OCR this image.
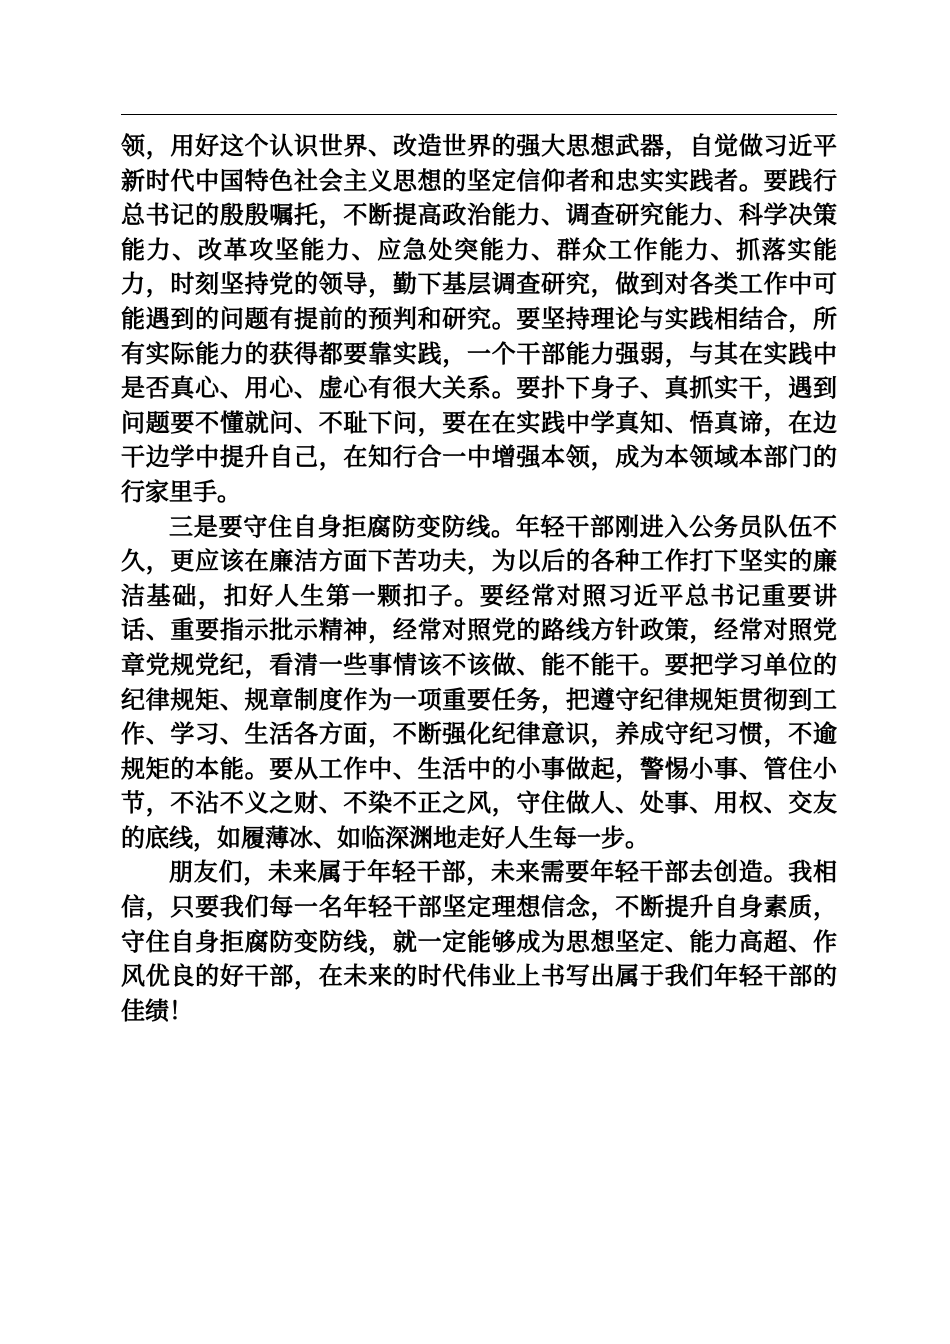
领，用好这个认识世界、改造世界的强大思想武器，自觉做习近平新时代中国特色社会主义思想的坚定信仰者和忠实实践者。要践行总书记的殷殷嘱托，不断提高政治能力、调查研究能力、科学决策能力、改革攻坚能力、应急处突能力、群众工作能力、抓落实能力，时刻坚持党的领导，勤下基层调查研究，做到对各类工作中可能遇到的问题有提前的预判和研究。要坚持理论与实践相结合，所有实际能力的获得都要靠实践，一个干部能力强弱，与其在实践中是否真心、用心、虚心有很大关系。要扑下身子、真抓实干，遇到问题要不懂就问、不耻下问，要在在实践中学真知、悟真谛，在边干边学中提升自己，在知行合一中增强本领，成为本领域本部门的行家里手。

三是要守住自身拒腐防变防线。年轻干部刚进入公务员队伍不久，更应该在廉洁方面下苦功夫，为以后的各种工作打下坚实的廉洁基础，扣好人生第一颗扣子。要经常对照习近平总书记重要讲话、重要指示批示精神，经常对照党的路线方针政策，经常对照党章党规党纪，看清一些事情该不该做、能不能干。要把学习单位的纪律规矩、规章制度作为一项重要任务，把遵守纪律规矩贯彻到工作、学习、生活各方面，不断强化纪律意识，养成守纪习惯，不逾规矩的本能。要从工作中、生活中的小事做起，警惕小事、管住小节，不沾不义之财、不染不正之风，守住做人、处事、用权、交友的底线，如履薄冰、如临深渊地走好人生每一步。

朋友们，未来属于年轻干部，未来需要年轻干部去创造。我相信，只要我们每一名年轻干部坚定理想信念，不断提升自身素质，守住自身拒腐防变防线，就一定能够成为思想坚定、能力高超、作风优良的好干部，在未来的时代伟业上书写出属于我们年轻干部的佳绩！
